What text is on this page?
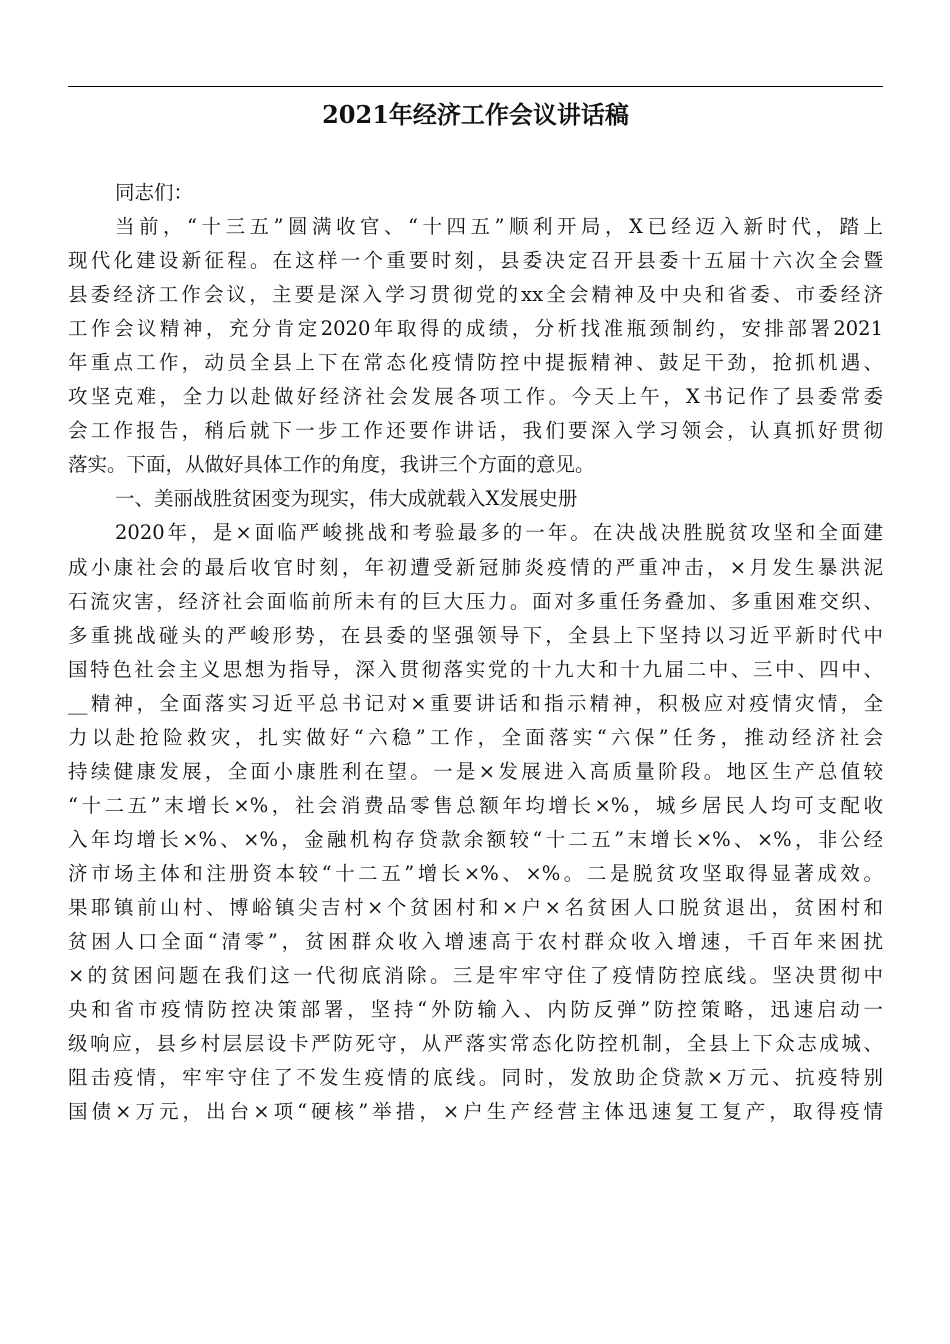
2021年经济工作会议讲话稿
同志们：
当前，“十三五”圆满收官、“十四五”顺利开局，X已经迈入新时代，踏上
现代化建设新征程。在这样一个重要时刻，县委决定召开县委十五届十六次全会暨
县委经济工作会议，主要是深入学习贯彻党的xx全会精神及中央和省委、市委经济
工作会议精神，充分肯定2020年取得的成绩，分析找准瓶颈制约，安排部署2021
年重点工作，动员全县上下在常态化疫情防控中提振精神、鼓足干劲，抢抓机遇、
攻坚克难，全力以赴做好经济社会发展各项工作。今天上午，X书记作了县委常委
会工作报告，稍后就下一步工作还要作讲话，我们要深入学习领会，认真抓好贯彻
落实。下面，从做好具体工作的角度，我讲三个方面的意见。
一、美丽战胜贫困变为现实，伟大成就载入X发展史册
2020年，是×面临严峻挑战和考验最多的一年。在决战决胜脱贫攻坚和全面建
成小康社会的最后收官时刻，年初遭受新冠肺炎疫情的严重冲击，×月发生暴洪泥
石流灾害，经济社会面临前所未有的巨大压力。面对多重任务叠加、多重困难交织、
多重挑战碰头的严峻形势，在县委的坚强领导下，全县上下坚持以习近平新时代中
国特色社会主义思想为指导，深入贯彻落实党的十九大和十九届二中、三中、四中、
__精神，全面落实习近平总书记对×重要讲话和指示精神，积极应对疫情灾情，全
力以赴抢险救灾，扎实做好“六稳”工作，全面落实“六保”任务，推动经济社会
持续健康发展，全面小康胜利在望。一是×发展进入高质量阶段。地区生产总值较
“十二五”末增长×%，社会消费品零售总额年均增长×%，城乡居民人均可支配收
入年均增长×%、×%，金融机构存贷款余额较“十二五”末增长×%、×%，非公经
济市场主体和注册资本较“十二五”增长×%、×%。二是脱贫攻坚取得显著成效。
果耶镇前山村、博峪镇尖吉村×个贫困村和×户×名贫困人口脱贫退出，贫困村和
贫困人口全面“清零”，贫困群众收入增速高于农村群众收入增速，千百年来困扰
×的贫困问题在我们这一代彻底消除。三是牢牢守住了疫情防控底线。坚决贯彻中
央和省市疫情防控决策部署，坚持“外防输入、内防反弹”防控策略，迅速启动一
级响应，县乡村层层设卡严防死守，从严落实常态化防控机制，全县上下众志成城、
阻击疫情，牢牢守住了不发生疫情的底线。同时，发放助企贷款×万元、抗疫特别
国债×万元，出台×项“硬核”举措，×户生产经营主体迅速复工复产，取得疫情
